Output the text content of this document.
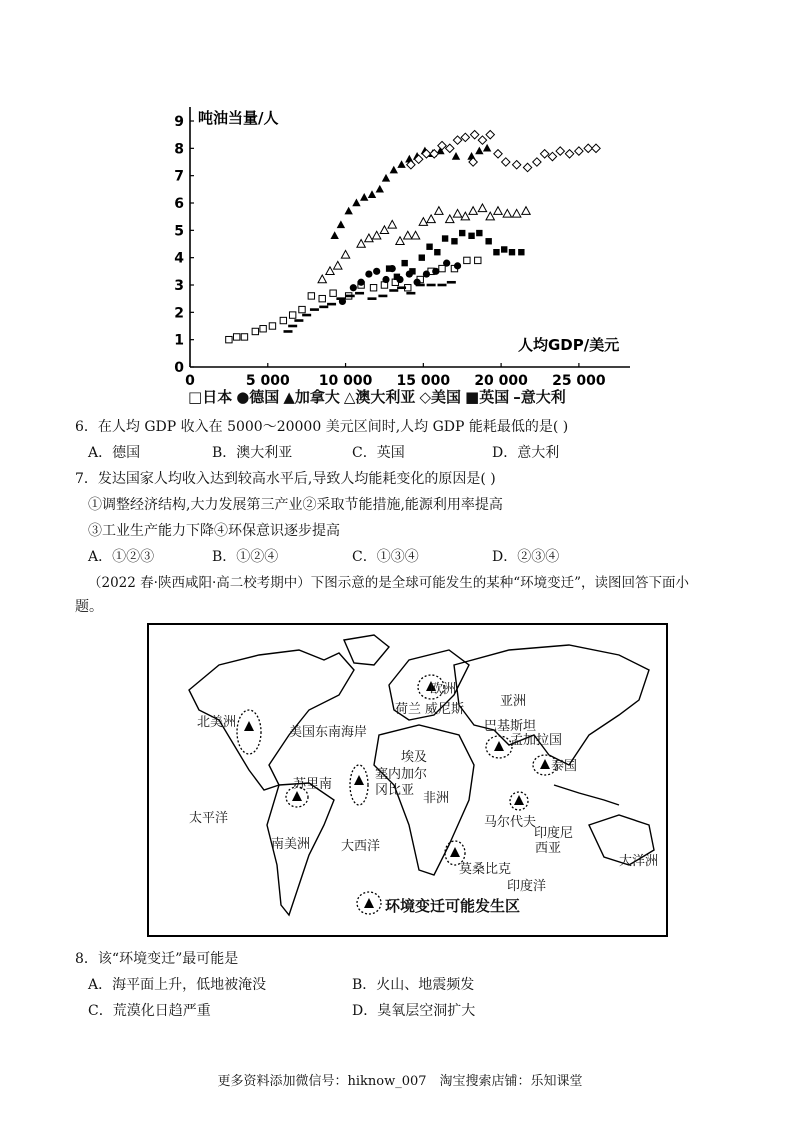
0
1
2
3
4
5
6
7
8
9
0	5 000 10 000 15 000 20 000 25 000
吨油当量/人
人均GDP/美元
□日本 ●德国 ▲加拿大 △澳大利亚 ◇美国 ■英国 –意大利
6．在人均 GDP 收入在 5000～20000 美元区间时,人均 GDP 能耗最低的是( )
A．德国	B．澳大利亚	C．英国	D．意大利
7．发达国家人均收入达到较高水平后,导致人均能耗变化的原因是( )
①调整经济结构,大力发展第三产业②采取节能措施,能源利用率提高
③工业生产能力下降④环保意识逐步提高
A．①②③	B．①②④	C．①③④	D．②③④
（2022 春·陕西咸阳·高二校考期中）下图示意的是全球可能发生的某种“环境变迁”，读图回答下面小
题。
北美洲
美国东南海岸
欧洲
荷兰 威尼斯
亚洲
巴基斯坦
孟加拉国
埃及
塞内加尔
冈比亚
泰国
苏里南
非洲
太平洋	马尔代夫
印度尼
西亚
南美洲 大西洋
大洋洲
莫桑比克
印度洋
环境变迁可能发生区
8．该“环境变迁”最可能是
A．海平面上升，低地被淹没	B．火山、地震频发
C．荒漠化日趋严重	D．臭氧层空洞扩大
更多资料添加微信号：hiknow_007　淘宝搜索店铺：乐知课堂
